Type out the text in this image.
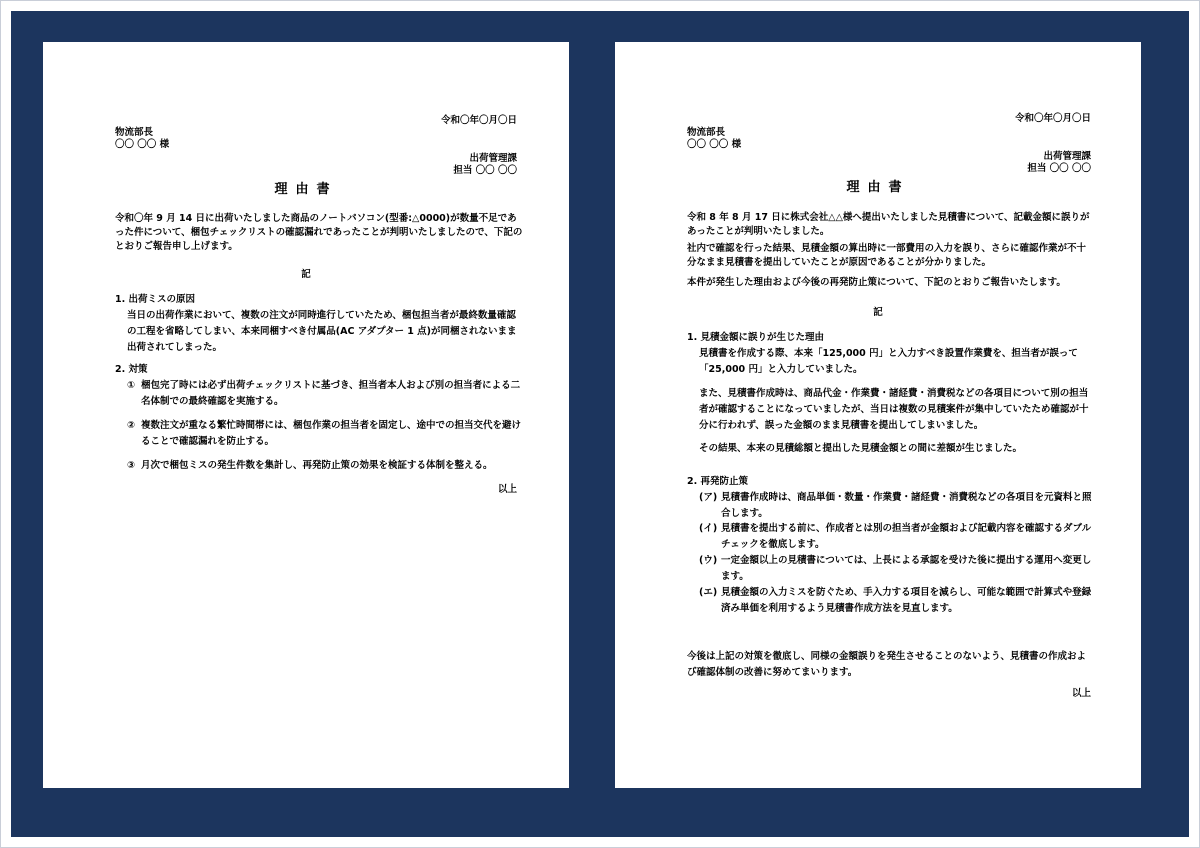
令和〇年〇月〇日
物流部長
〇〇 〇〇 様
出荷管理課
担当 〇〇 〇〇
理由書
令和〇年 9 月 14 日に出荷いたしました商品のノートパソコン(型番:△0000)が数量不足であった件について、梱包チェックリストの確認漏れであったことが判明いたしましたので、下記のとおりご報告申し上げます。
記
1. 出荷ミスの原因
当日の出荷作業において、複数の注文が同時進行していたため、梱包担当者が最終数量確認の工程を省略してしまい、本来同梱すべき付属品(AC アダプター 1 点)が同梱されないまま出荷されてしまった。
2. 対策
① 梱包完了時には必ず出荷チェックリストに基づき、担当者本人および別の担当者による二名体制での最終確認を実施する。
② 複数注文が重なる繁忙時間帯には、梱包作業の担当者を固定し、途中での担当交代を避けることで確認漏れを防止する。
③ 月次で梱包ミスの発生件数を集計し、再発防止策の効果を検証する体制を整える。
以上
令和〇年〇月〇日
物流部長
〇〇 〇〇 様
出荷管理課
担当 〇〇 〇〇
理由書
令和 8 年 8 月 17 日に株式会社△△様へ提出いたしました見積書について、記載金額に誤りがあったことが判明いたしました。
社内で確認を行った結果、見積金額の算出時に一部費用の入力を誤り、さらに確認作業が不十分なまま見積書を提出していたことが原因であることが分かりました。
本件が発生した理由および今後の再発防止策について、下記のとおりご報告いたします。
記
1. 見積金額に誤りが生じた理由
見積書を作成する際、本来「125,000 円」と入力すべき設置作業費を、担当者が誤って「25,000 円」と入力していました。
また、見積書作成時は、商品代金・作業費・諸経費・消費税などの各項目について別の担当者が確認することになっていましたが、当日は複数の見積案件が集中していたため確認が十分に行われず、誤った金額のまま見積書を提出してしまいました。
その結果、本来の見積総額と提出した見積金額との間に差額が生じました。
2. 再発防止策
(ア) 見積書作成時は、商品単価・数量・作業費・諸経費・消費税などの各項目を元資料と照合します。
(イ) 見積書を提出する前に、作成者とは別の担当者が金額および記載内容を確認するダブルチェックを徹底します。
(ウ) 一定金額以上の見積書については、上長による承認を受けた後に提出する運用へ変更します。
(エ) 見積金額の入力ミスを防ぐため、手入力する項目を減らし、可能な範囲で計算式や登録済み単価を利用するよう見積書作成方法を見直します。
今後は上記の対策を徹底し、同様の金額誤りを発生させることのないよう、見積書の作成および確認体制の改善に努めてまいります。
以上
